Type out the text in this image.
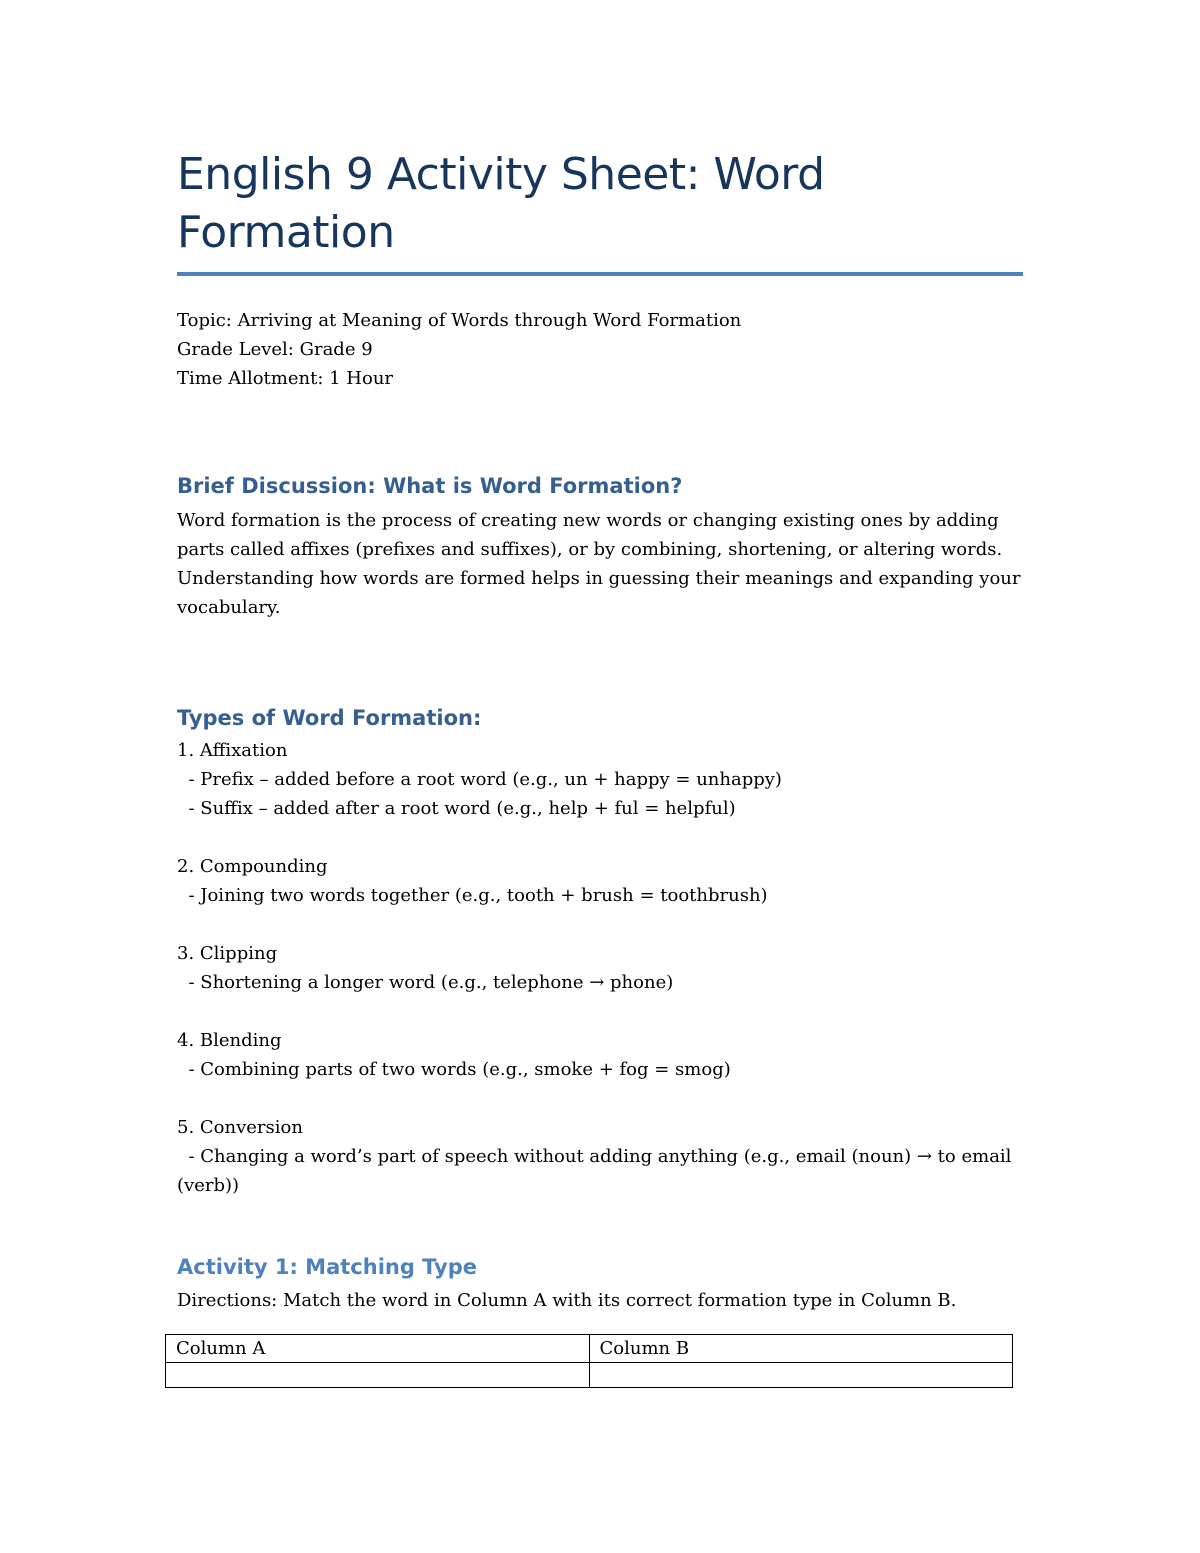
English 9 Activity Sheet: Word Formation
Topic: Arriving at Meaning of Words through Word Formation
Grade Level: Grade 9
Time Allotment: 1 Hour
Brief Discussion: What is Word Formation?

Word formation is the process of creating new words or changing existing ones by adding parts called affixes (prefixes and suffixes), or by combining, shortening, or altering words. Understanding how words are formed helps in guessing their meanings and expanding your vocabulary.

Types of Word Formation:
1. Affixation
- Prefix – added before a root word (e.g., un + happy = unhappy)
- Suffix – added after a root word (e.g., help + ful = helpful)
2. Compounding
- Joining two words together (e.g., tooth + brush = toothbrush)
3. Clipping
- Shortening a longer word (e.g., telephone → phone)
4. Blending
- Combining parts of two words (e.g., smoke + fog = smog)
5. Conversion
- Changing a word’s part of speech without adding anything (e.g., email (noun) → to email (verb))
Activity 1: Matching Type

Directions: Match the word in Column A with its correct formation type in Column B.

Column A	Column B
